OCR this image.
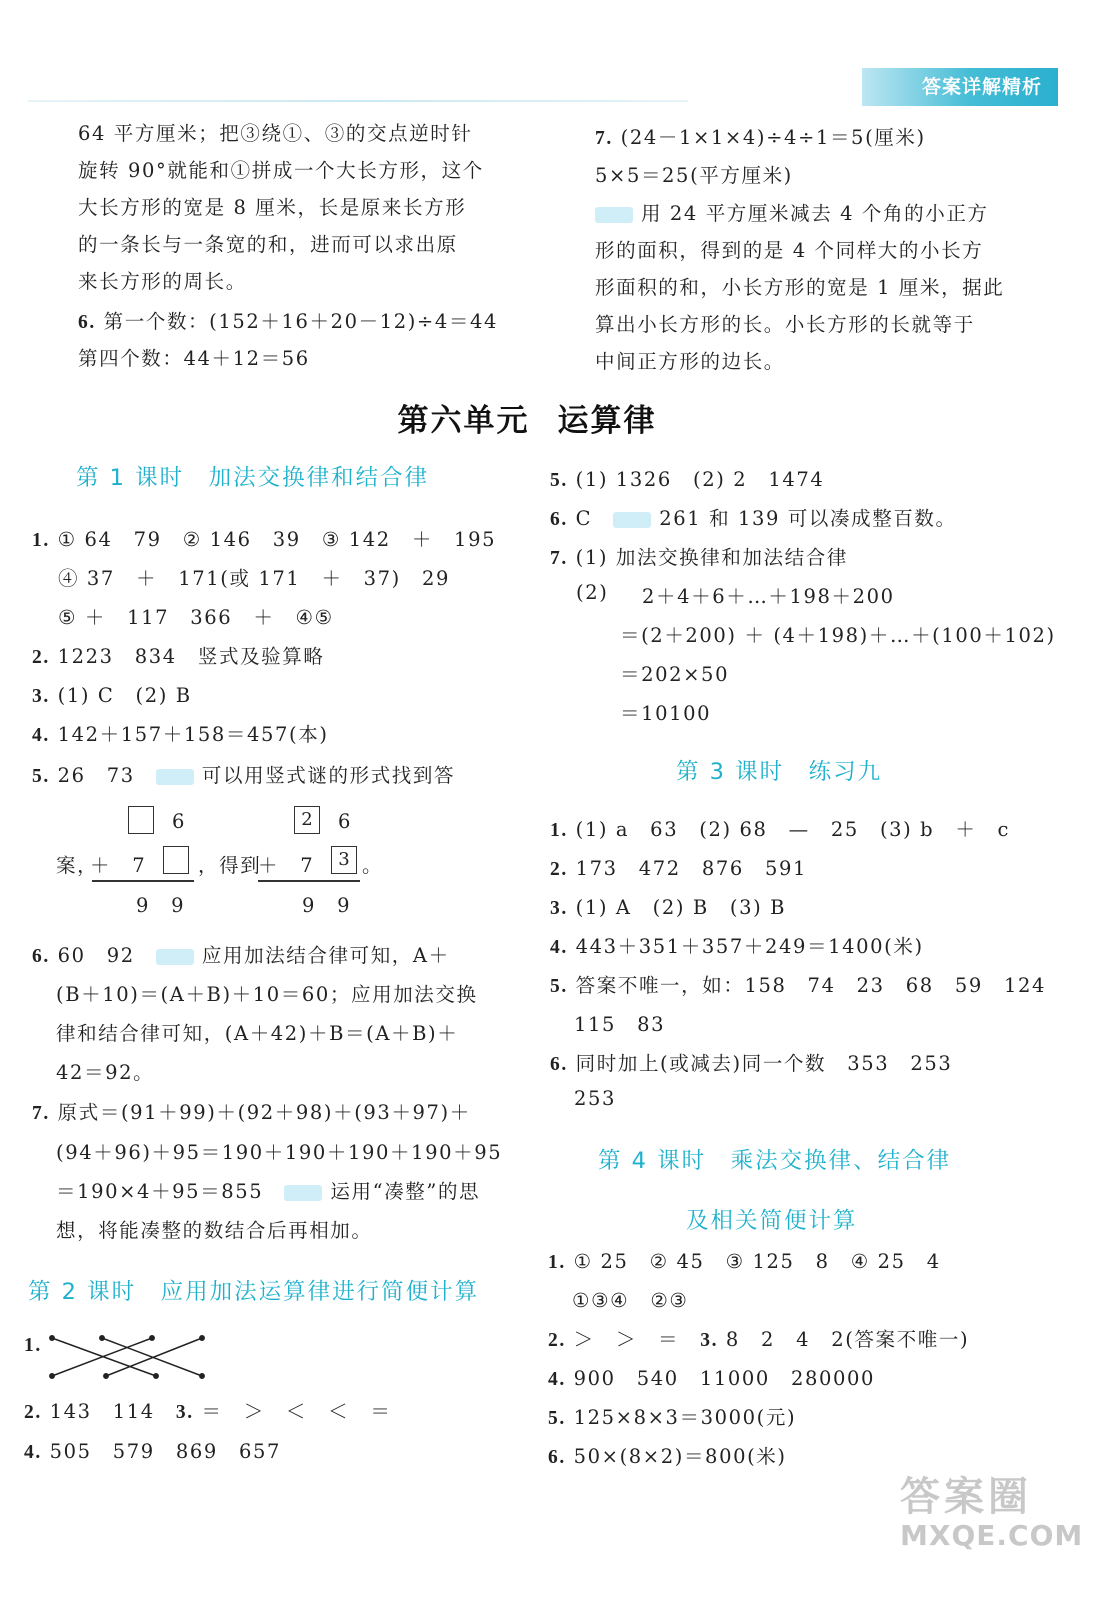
答案详解精析
64 平方厘米；把③绕①、③的交点逆时针
旋转 90°就能和①拼成一个大长方形，这个
大长方形的宽是 8 厘米，长是原来长方形
的一条长与一条宽的和，进而可以求出原
来长方形的周长。
6. 第一个数：(152＋16＋20－12)÷4＝44
第四个数：44＋12＝56
7. (24－1×1×4)÷4÷1＝5(厘米)
5×5＝25(平方厘米)
用 24 平方厘米减去 4 个角的小正方
形的面积，得到的是 4 个同样大的小长方
形面积的和，小长方形的宽是 1 厘米，据此
算出小长方形的长。小长方形的长就等于
中间正方形的边长。
第六单元 运算律
第 1 课时　 加法交换律和结合律
1. ① 64　79　② 146　39　③ 142　＋　195
④ 37　＋　171(或 171　＋　37)　29
⑤ ＋　117　366　＋　④⑤
2. 1223　834　竖式及验算略
3. (1) C　(2) B
4. 142＋157＋158＝457(本)
5. 26　73　	可以用竖式谜的形式找到答
6
案，
＋　7
9　9
，得到
2	6
＋　7	3 。
9　9
6. 60　92　	应用加法结合律可知，A＋
(B＋10)＝(A＋B)＋10＝60；应用加法交换
律和结合律可知，(A＋42)＋B＝(A＋B)＋
42＝92。
7. 原式＝(91＋99)＋(92＋98)＋(93＋97)＋
(94＋96)＋95＝190＋190＋190＋190＋95
＝190×4＋95＝855　	运用“凑整”的思
想，将能凑整的数结合后再相加。
第 2 课时　 应用加法运算律进行简便计算
1.
2. 143　114　 3. ＝　＞　＜　＜　＝
4. 505　579　869　657
5. (1) 1326　(2) 2　1474
6. C　	261 和 139 可以凑成整百数。
7. (1) 加法交换律和加法结合律
(2) 2＋4＋6＋…＋198＋200
＝(2＋200) ＋ (4＋198)＋…＋(100＋102)
＝202×50
＝10100
第 3 课时　 练习九
1. (1) a　63　(2) 68　—　25　(3) b　＋　c
2. 173　472　876　591
3. (1) A　(2) B　(3) B
4. 443＋351＋357＋249＝1400(米)
5. 答案不唯一，如：158　74　23　68　59　124
115　83
6. 同时加上(或减去)同一个数　353　253
253
第 4 课时　 乘法交换律、结合律
及相关简便计算
1. ① 25　② 45　③ 125　8　④ 25　4
①③④　②③
2. ＞　＞　＝　 3. 8　2　4　2(答案不唯一)
4. 900　540　11000　280000
5. 125×8×3＝3000(元)
6. 50×(8×2)＝800(米)
答案圈
MXQE.COM
